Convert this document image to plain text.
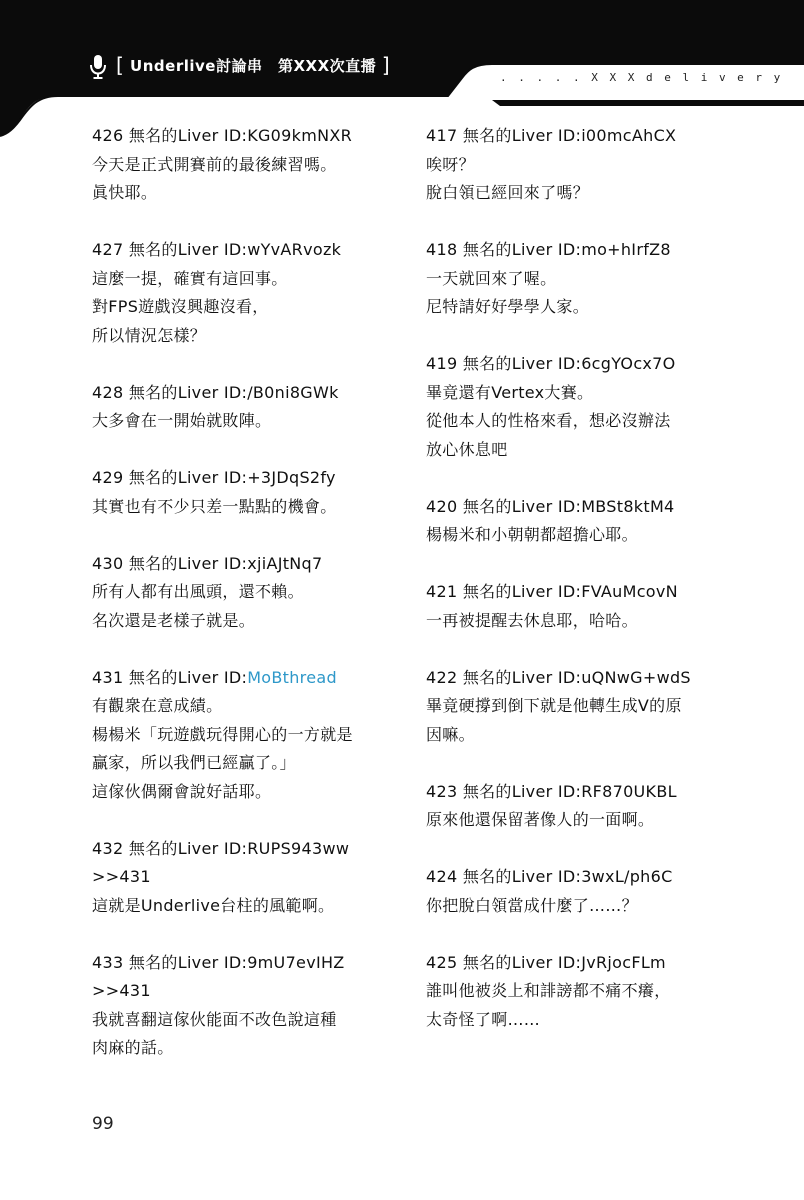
[ Underlive討論串　第XXX次直播 ]
. . . . . X X X d e l i v e r y

426 無名的Liver ID:KG09kmNXR

今天是正式開賽前的最後練習嗎。

眞快耶。

427 無名的Liver ID:wYvARvozk

這麼一提，確實有這回事。

對FPS遊戲沒興趣沒看，

所以情況怎樣？

428 無名的Liver ID:/B0ni8GWk

大多會在一開始就敗陣。

429 無名的Liver ID:+3JDqS2fy

其實也有不少只差一點點的機會。

430 無名的Liver ID:xjiAJtNq7

所有人都有出風頭，還不賴。

名次還是老樣子就是。

431 無名的Liver ID:MoBthread

有觀衆在意成績。

楊楊米「玩遊戲玩得開心的一方就是

贏家，所以我們已經贏了。」

這傢伙偶爾會說好話耶。

432 無名的Liver ID:RUPS943ww

>>431

這就是Underlive台柱的風範啊。

433 無名的Liver ID:9mU7evIHZ

>>431

我就喜翻這傢伙能面不改色說這種

肉麻的話。

417 無名的Liver ID:i00mcAhCX

唉呀？

脫白領已經回來了嗎？

418 無名的Liver ID:mo+hIrfZ8

一天就回來了喔。

尼特請好好學學人家。

419 無名的Liver ID:6cgYOcx7O

畢竟還有Vertex大賽。

從他本人的性格來看，想必沒辦法

放心休息吧

420 無名的Liver ID:MBSt8ktM4

楊楊米和小朝朝都超擔心耶。

421 無名的Liver ID:FVAuMcovN

一再被提醒去休息耶，哈哈。

422 無名的Liver ID:uQNwG+wdS

畢竟硬撐到倒下就是他轉生成V的原

因嘛。

423 無名的Liver ID:RF870UKBL

原來他還保留著像人的一面啊。

424 無名的Liver ID:3wxL/ph6C

你把脫白領當成什麼了……？

425 無名的Liver ID:JvRjocFLm

誰叫他被炎上和誹謗都不痛不癢，

太奇怪了啊……

99
